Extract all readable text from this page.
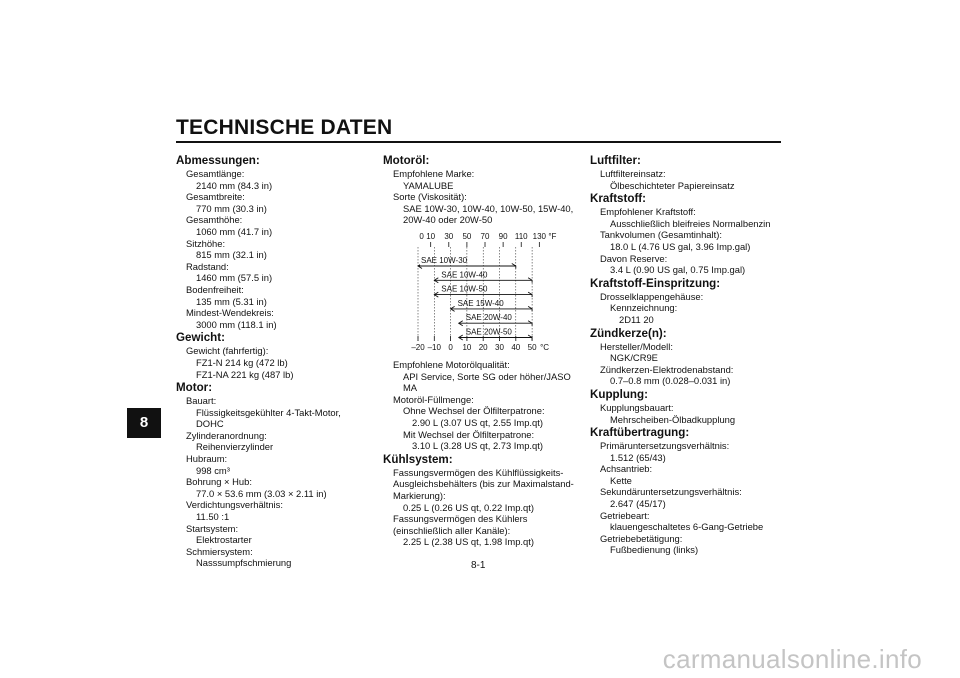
TECHNISCHE DATEN
8
Abmessungen:
Gesamtlänge:
2140 mm (84.3 in)
Gesamtbreite:
770 mm (30.3 in)
Gesamthöhe:
1060 mm (41.7 in)
Sitzhöhe:
815 mm (32.1 in)
Radstand:
1460 mm (57.5 in)
Bodenfreiheit:
135 mm (5.31 in)
Mindest-Wendekreis:
3000 mm (118.1 in)
Gewicht:
Gewicht (fahrfertig):
FZ1-N 214 kg (472 lb)
FZ1-NA 221 kg (487 lb)
Motor:
Bauart:
Flüssigkeitsgekühlter 4-Takt-Motor, DOHC
Zylinderanordnung:
Reihenvierzylinder
Hubraum:
998 cm³
Bohrung × Hub:
77.0 × 53.6 mm (3.03 × 2.11 in)
Verdichtungsverhältnis:
11.50 :1
Startsystem:
Elektrostarter
Schmiersystem:
Nasssumpfschmierung
Motoröl:
Empfohlene Marke:
YAMALUBE
Sorte (Viskosität):
SAE 10W-30, 10W-40, 10W-50, 15W-40,
20W-40 oder 20W-50
0 10 30 50 70 90 110 130 °F
SAE 10W-30
SAE 10W-40
SAE 10W-50
SAE 15W-40
SAE 20W-40
SAE 20W-50
–20 –10 0 10 20 30 40 50 °C
Empfohlene Motorölqualität:
API Service, Sorte SG oder höher/JASO
MA
Motoröl-Füllmenge:
Ohne Wechsel der Ölfilterpatrone:
2.90 L (3.07 US qt, 2.55 Imp.qt)
Mit Wechsel der Ölfilterpatrone:
3.10 L (3.28 US qt, 2.73 Imp.qt)
Kühlsystem:
Fassungsvermögen des Kühlflüssigkeits-
Ausgleichsbehälters (bis zur Maximalstand-
Markierung):
0.25 L (0.26 US qt, 0.22 Imp.qt)
Fassungsvermögen des Kühlers
(einschließlich aller Kanäle):
2.25 L (2.38 US qt, 1.98 Imp.qt)
Luftfilter:
Luftfiltereinsatz:
Ölbeschichteter Papiereinsatz
Kraftstoff:
Empfohlener Kraftstoff:
Ausschließlich bleifreies Normalbenzin
Tankvolumen (Gesamtinhalt):
18.0 L (4.76 US gal, 3.96 Imp.gal)
Davon Reserve:
3.4 L (0.90 US gal, 0.75 Imp.gal)
Kraftstoff-Einspritzung:
Drosselklappengehäuse:
Kennzeichnung:
2D11 20
Zündkerze(n):
Hersteller/Modell:
NGK/CR9E
Zündkerzen-Elektrodenabstand:
0.7–0.8 mm (0.028–0.031 in)
Kupplung:
Kupplungsbauart:
Mehrscheiben-Ölbadkupplung
Kraftübertragung:
Primäruntersetzungsverhältnis:
1.512 (65/43)
Achsantrieb:
Kette
Sekundäruntersetzungsverhältnis:
2.647 (45/17)
Getriebeart:
klauengeschaltetes 6-Gang-Getriebe
Getriebebetätigung:
Fußbedienung (links)
8-1
carmanualsonline.info
